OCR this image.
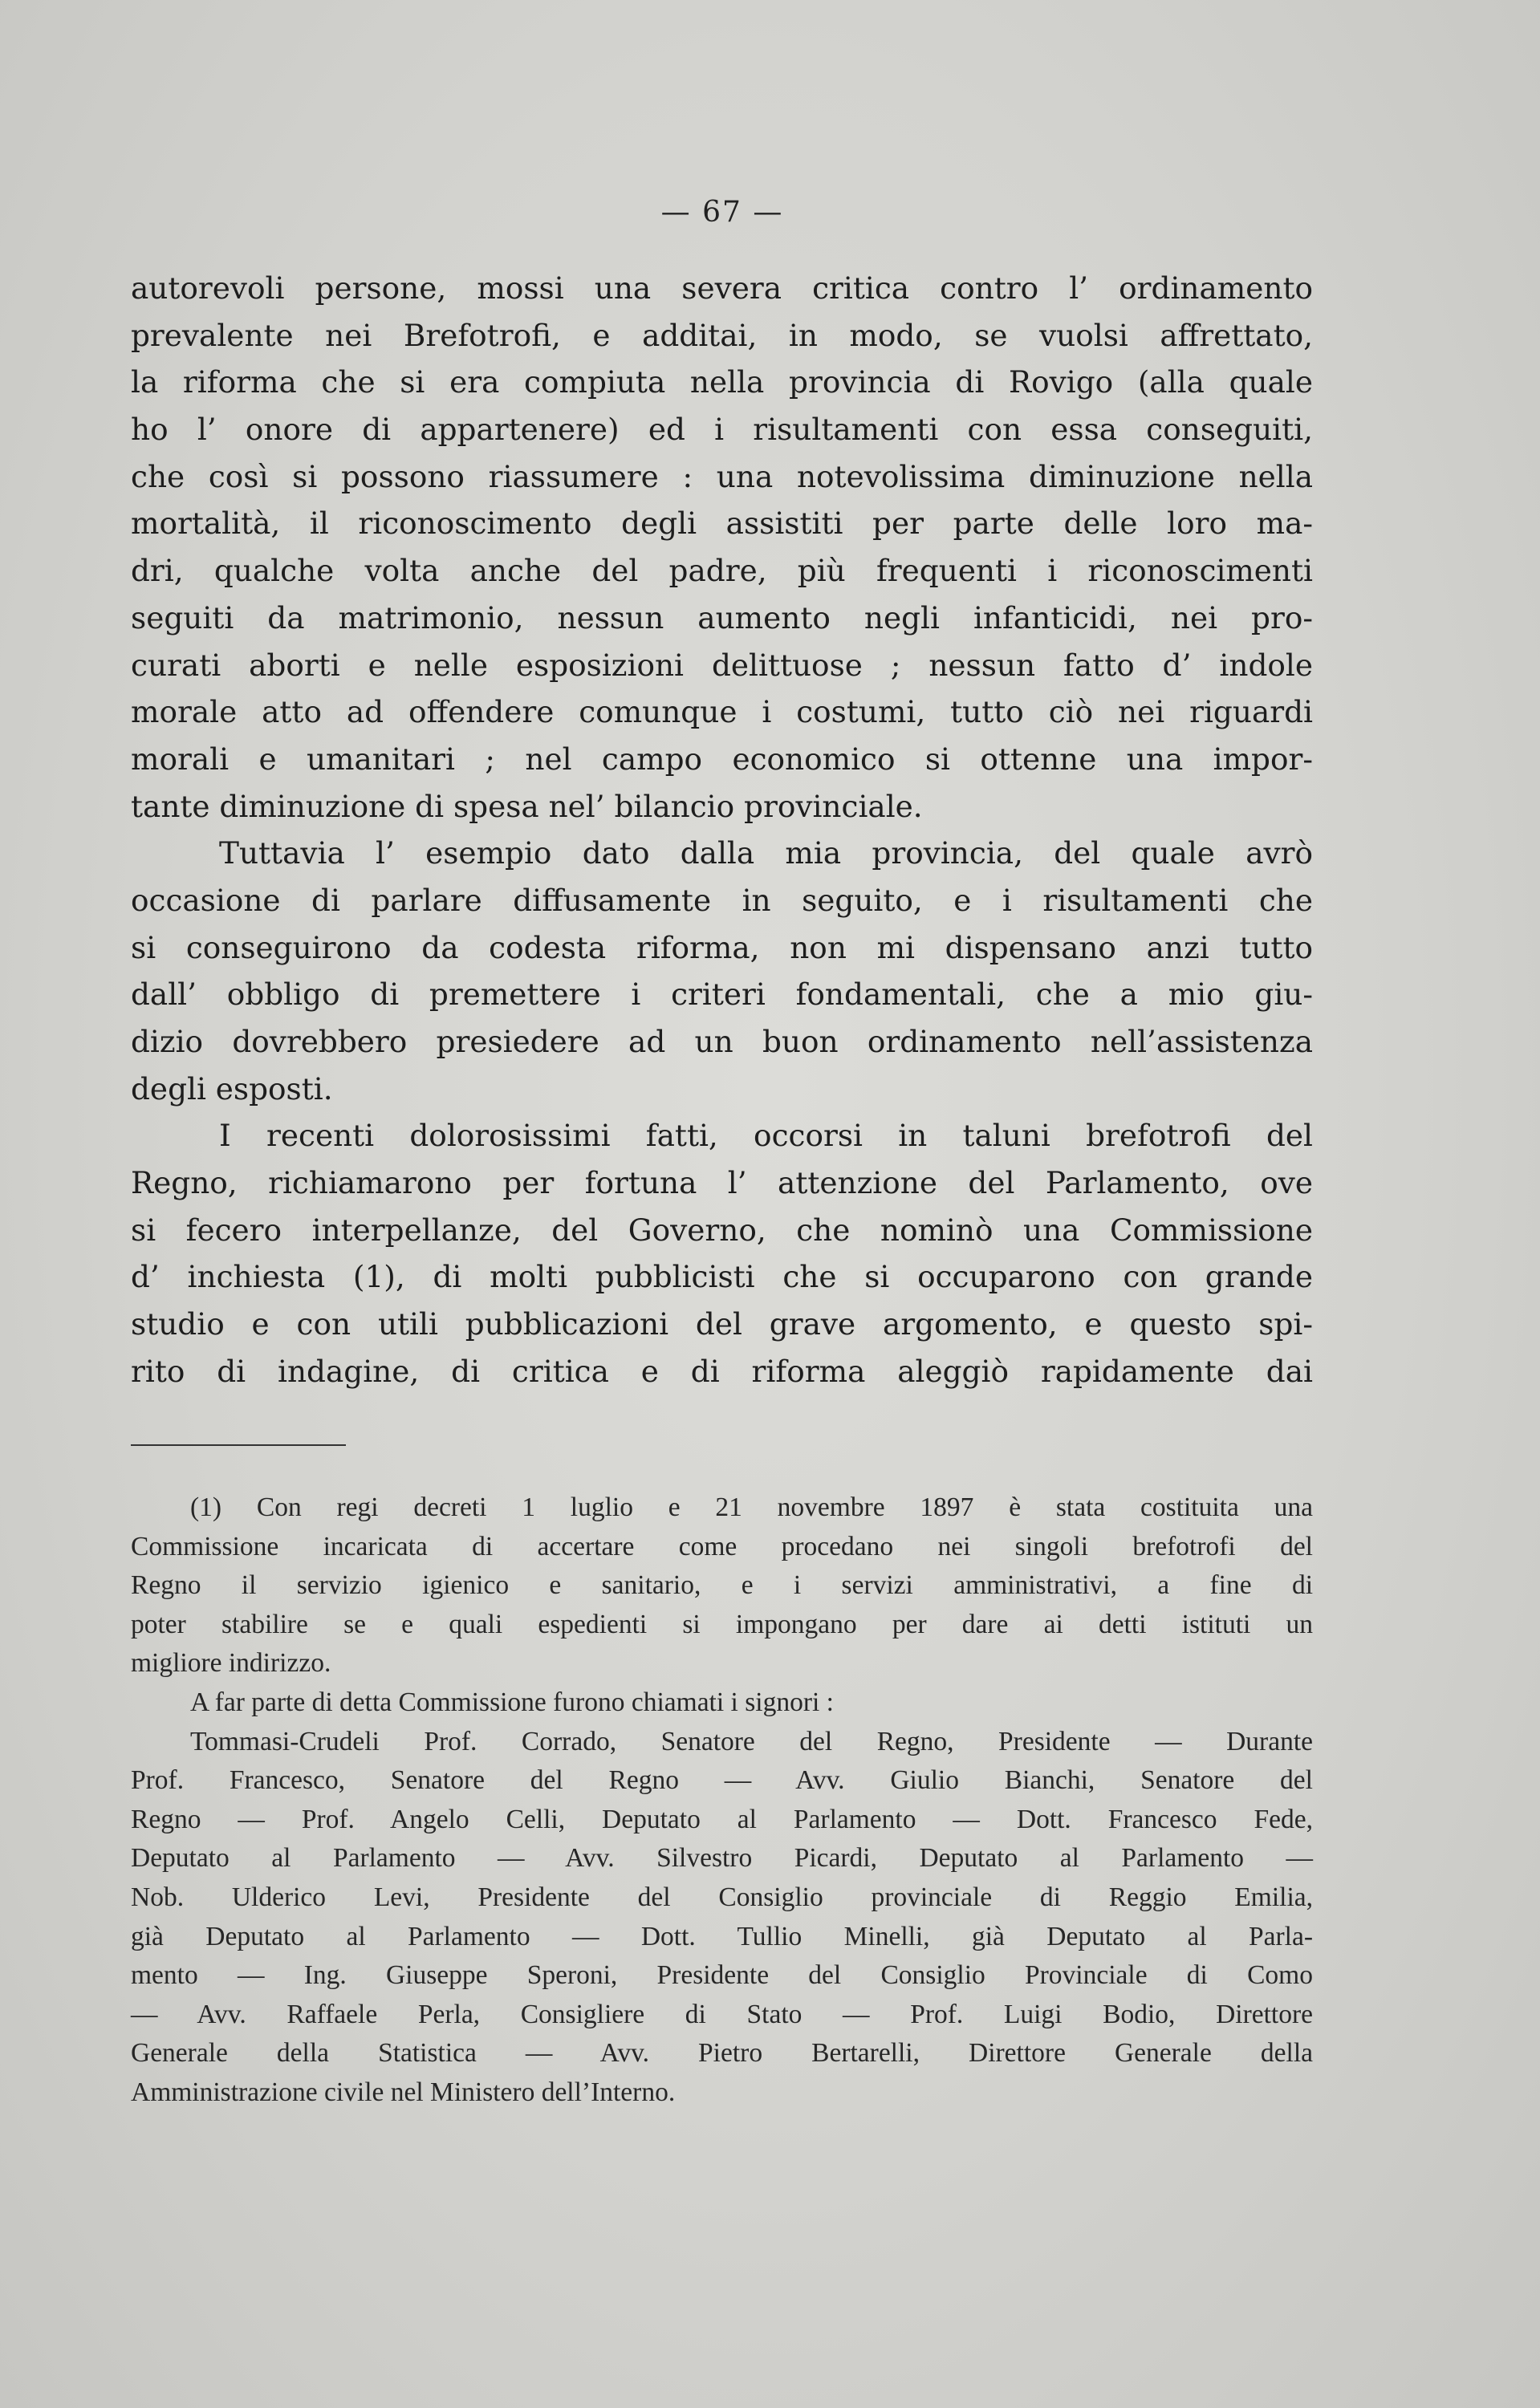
— 67 —
autorevoli persone, mossi una severa critica contro l’ ordinamento
prevalente nei Brefotrofi, e additai, in modo, se vuolsi affrettato,
la riforma che si era compiuta nella provincia di Rovigo (alla quale
ho l’ onore di appartenere) ed i risultamenti con essa conseguiti,
che così si possono riassumere : una notevolissima diminuzione nella
mortalità, il riconoscimento degli assistiti per parte delle loro ma-
dri, qualche volta anche del padre, più frequenti i riconoscimenti
seguiti da matrimonio, nessun aumento negli infanticidi, nei pro-
curati aborti e nelle esposizioni delittuose ; nessun fatto d’ indole
morale atto ad offendere comunque i costumi, tutto ciò nei riguardi
morali e umanitari ; nel campo economico si ottenne una impor-
tante diminuzione di spesa nel’ bilancio provinciale.
Tuttavia l’ esempio dato dalla mia provincia, del quale avrò
occasione di parlare diffusamente in seguito, e i risultamenti che
si conseguirono da codesta riforma, non mi dispensano anzi tutto
dall’ obbligo di premettere i criteri fondamentali, che a mio giu-
dizio dovrebbero presiedere ad un buon ordinamento nell’assistenza
degli esposti.
I recenti dolorosissimi fatti, occorsi in taluni brefotrofi del
Regno, richiamarono per fortuna l’ attenzione del Parlamento, ove
si fecero interpellanze, del Governo, che nominò una Commissione
d’ inchiesta (1), di molti pubblicisti che si occuparono con grande
studio e con utili pubblicazioni del grave argomento, e questo spi-
rito di indagine, di critica e di riforma aleggiò rapidamente dai
(1) Con regi decreti 1 luglio e 21 novembre 1897 è stata costituita una
Commissione incaricata di accertare come procedano nei singoli brefotrofi del
Regno il servizio igienico e sanitario, e i servizi amministrativi, a fine di
poter stabilire se e quali espedienti si impongano per dare ai detti istituti un
migliore indirizzo.
A far parte di detta Commissione furono chiamati i signori :
Tommasi-Crudeli Prof. Corrado, Senatore del Regno, Presidente — Durante
Prof. Francesco, Senatore del Regno — Avv. Giulio Bianchi, Senatore del
Regno — Prof. Angelo Celli, Deputato al Parlamento — Dott. Francesco Fede,
Deputato al Parlamento — Avv. Silvestro Picardi, Deputato al Parlamento —
Nob. Ulderico Levi, Presidente del Consiglio provinciale di Reggio Emilia,
già Deputato al Parlamento — Dott. Tullio Minelli, già Deputato al Parla-
mento — Ing. Giuseppe Speroni, Presidente del Consiglio Provinciale di Como
— Avv. Raffaele Perla, Consigliere di Stato — Prof. Luigi Bodio, Direttore
Generale della Statistica — Avv. Pietro Bertarelli, Direttore Generale della
Amministrazione civile nel Ministero dell’Interno.
